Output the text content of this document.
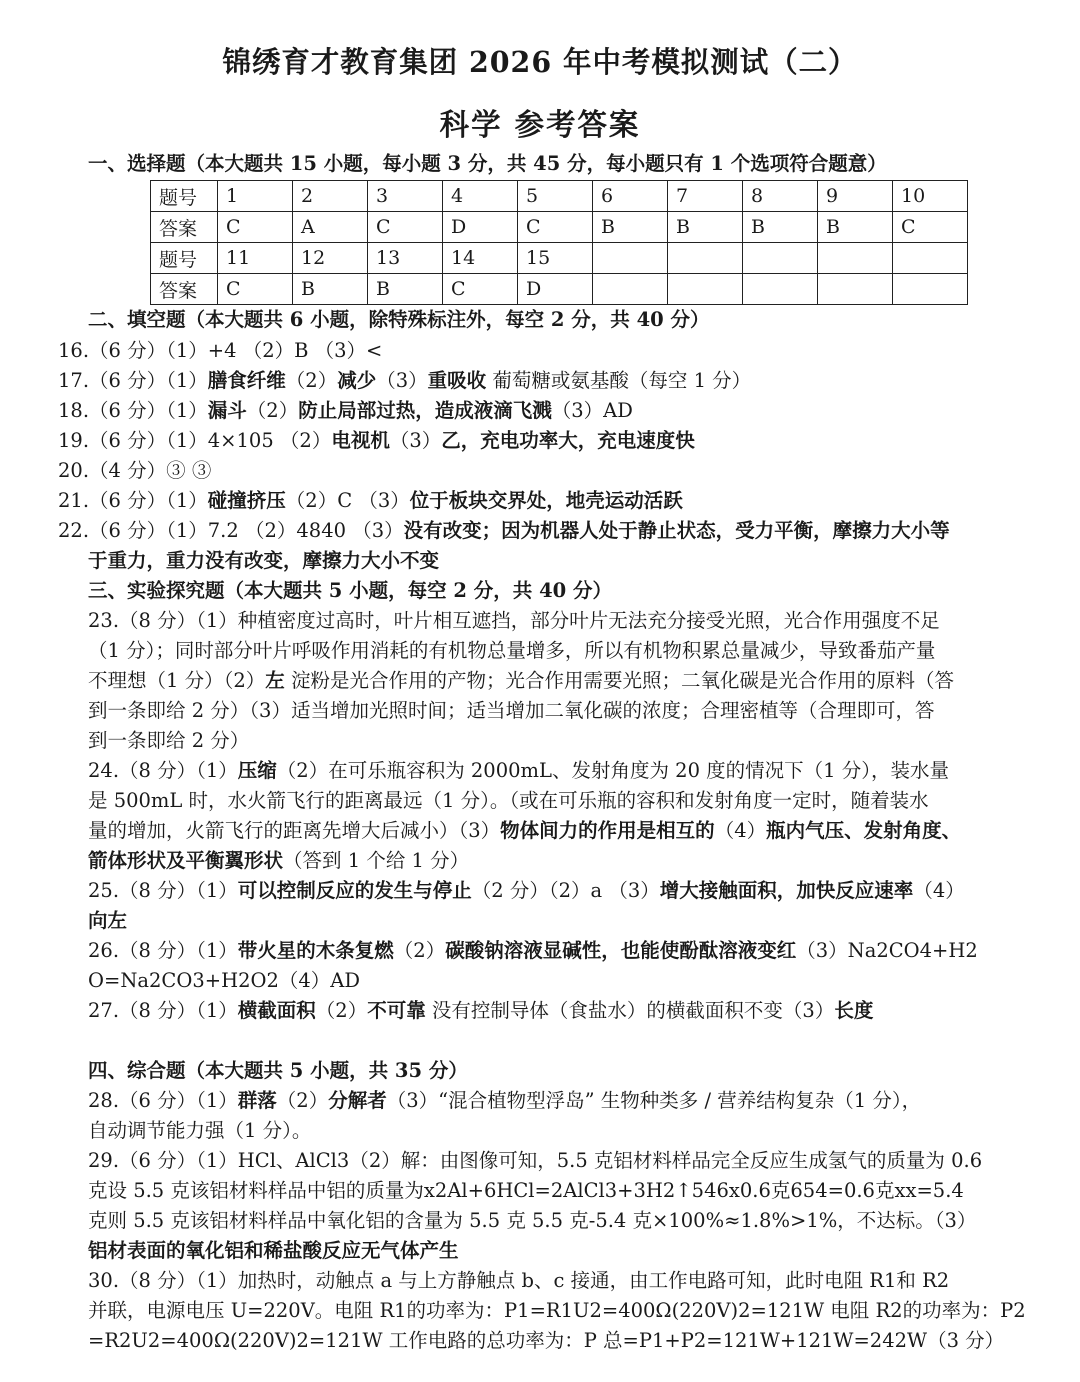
锦绣育才教育集团 2026 年中考模拟测试（二）
科学 参考答案
一、选择题（本大题共 15 小题，每小题 3 分，共 45 分，每小题只有 1 个选项符合题意）
题号	1	2	3	4	5	6	7	8	9	10
答案	C	A	C	D	C	B	B	B	B	C
题号	11	12	13	14	15					
答案	C	B	B	C	D					
二、填空题（本大题共 6 小题，除特殊标注外，每空 2 分，共 40 分）
16.（6 分）（1）+4 （2）B （3）<
17.（6 分）（1）膳食纤维（2）减少（3）重吸收 葡萄糖或氨基酸（每空 1 分）
18.（6 分）（1）漏斗（2）防止局部过热，造成液滴飞溅（3）AD
19.（6 分）（1）4×105 （2）电视机（3）乙，充电功率大，充电速度快
20.（4 分）③ ③
21.（6 分）（1）碰撞挤压（2）C （3）位于板块交界处，地壳运动活跃
22.（6 分）（1）7.2 （2）4840 （3）没有改变；因为机器人处于静止状态，受力平衡，摩擦力大小等
于重力，重力没有改变，摩擦力大小不变
三、实验探究题（本大题共 5 小题，每空 2 分，共 40 分）
23.（8 分）（1）种植密度过高时，叶片相互遮挡，部分叶片无法充分接受光照，光合作用强度不足
（1 分）；同时部分叶片呼吸作用消耗的有机物总量增多，所以有机物积累总量减少，导致番茄产量
不理想（1 分）（2）左 淀粉是光合作用的产物；光合作用需要光照；二氧化碳是光合作用的原料（答
到一条即给 2 分）（3）适当增加光照时间；适当增加二氧化碳的浓度；合理密植等（合理即可，答
到一条即给 2 分）
24.（8 分）（1）压缩（2）在可乐瓶容积为 2000mL、发射角度为 20 度的情况下（1 分），装水量
是 500mL 时，水火箭飞行的距离最远（1 分）。（或在可乐瓶的容积和发射角度一定时，随着装水
量的增加，火箭飞行的距离先增大后减小）（3）物体间力的作用是相互的（4）瓶内气压、发射角度、
箭体形状及平衡翼形状（答到 1 个给 1 分）
25.（8 分）（1）可以控制反应的发生与停止（2 分）（2）a （3）增大接触面积，加快反应速率（4）
向左
26.（8 分）（1）带火星的木条复燃（2）碳酸钠溶液显碱性，也能使酚酞溶液变红（3）Na2CO4+H2
O=Na2CO3+H2O2（4）AD
27.（8 分）（1）横截面积（2）不可靠 没有控制导体（食盐水）的横截面积不变（3）长度
四、综合题（本大题共 5 小题，共 35 分）
28.（6 分）（1）群落（2）分解者（3）“混合植物型浮岛” 生物种类多 / 营养结构复杂（1 分），
自动调节能力强（1 分）。
29.（6 分）（1）HCl、AlCl3（2）解：由图像可知，5.5 克铝材料样品完全反应生成氢气的质量为 0.6
克设 5.5 克该铝材料样品中铝的质量为x2Al+6HCl=2AlCl3+3H2↑546x0.6克654=0.6克xx=5.4
克则 5.5 克该铝材料样品中氧化铝的含量为 5.5 克 5.5 克-5.4 克×100%≈1.8%>1%，不达标。（3）
铝材表面的氧化铝和稀盐酸反应无气体产生
30.（8 分）（1）加热时，动触点 a 与上方静触点 b、c 接通，由工作电路可知，此时电阻 R1和 R2
并联，电源电压 U=220V。电阻 R1的功率为：P1=R1U2=400Ω(220V)2=121W 电阻 R2的功率为：P2
=R2U2=400Ω(220V)2=121W 工作电路的总功率为：P 总=P1+P2=121W+121W=242W（3 分）
